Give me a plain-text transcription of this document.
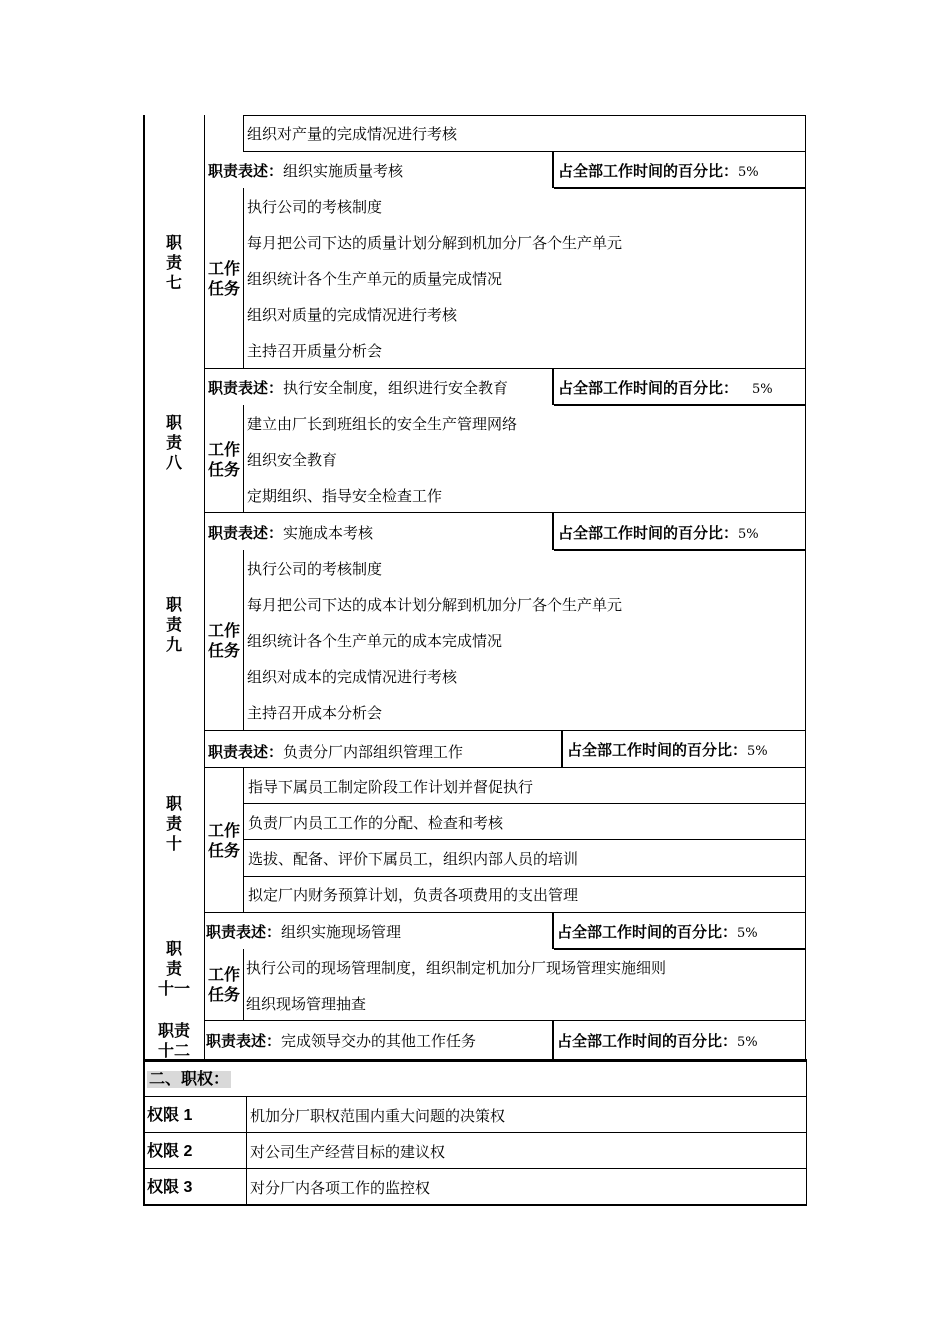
组织对产量的完成情况进行考核
职责表述：组织实施质量考核	占全部工作时间的百分比：5%
职
责
七
工作
任务
执行公司的考核制度
每月把公司下达的质量计划分解到机加分厂各个生产单元
组织统计各个生产单元的质量完成情况
组织对质量的完成情况进行考核
主持召开质量分析会
职责表述：执行安全制度，组织进行安全教育	占全部工作时间的百分比： 5%
职
责
八
工作
任务
建立由厂长到班组长的安全生产管理网络
组织安全教育
定期组织、指导安全检查工作
职责表述：实施成本考核	占全部工作时间的百分比：5%
职
责
九
工作
任务
执行公司的考核制度
每月把公司下达的成本计划分解到机加分厂各个生产单元
组织统计各个生产单元的成本完成情况
组织对成本的完成情况进行考核
主持召开成本分析会
职责表述：负责分厂内部组织管理工作	占全部工作时间的百分比：5%
职
责
十
工作
任务
指导下属员工制定阶段工作计划并督促执行
负责厂内员工工作的分配、检查和考核
选拔、配备、评价下属员工，组织内部人员的培训
拟定厂内财务预算计划，负责各项费用的支出管理
职责表述：组织实施现场管理	占全部工作时间的百分比：5%
职
责
十一
工作
任务
执行公司的现场管理制度，组织制定机加分厂现场管理实施细则
组织现场管理抽查
职责表述：完成领导交办的其他工作任务	占全部工作时间的百分比：5%
职责
十二
二、职权：
权限 1	机加分厂职权范围内重大问题的决策权
权限 2	对公司生产经营目标的建议权
权限 3	对分厂内各项工作的监控权
